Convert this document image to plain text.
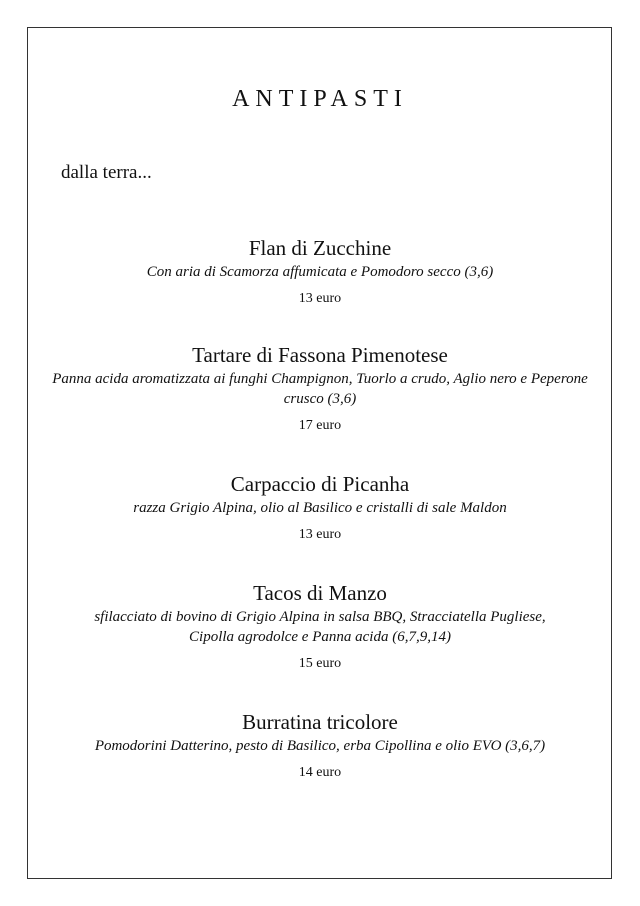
ANTIPASTI

dalla terra...

Flan di Zucchine
Con aria di Scamorza affumicata e Pomodoro secco (3,6)
13 euro
Tartare di Fassona Pimenotese
Panna acida aromatizzata ai funghi Champignon, Tuorlo a crudo, Aglio nero e Peperone crusco (3,6)
17 euro
Carpaccio di Picanha
razza Grigio Alpina, olio al Basilico e cristalli di sale Maldon
13 euro
Tacos di Manzo
sfilacciato di bovino di Grigio Alpina in salsa BBQ, Stracciatella Pugliese, Cipolla agrodolce e Panna acida (6,7,9,14)
15 euro
Burratina tricolore
Pomodorini Datterino, pesto di Basilico, erba Cipollina e olio EVO (3,6,7)
14 euro
